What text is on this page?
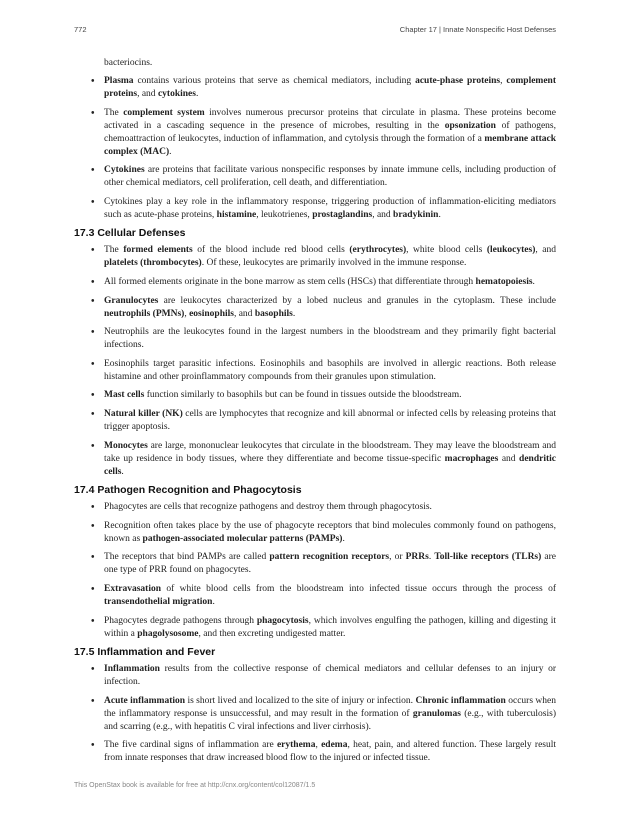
772	Chapter 17 | Innate Nonspecific Host Defenses
bacteriocins.
• Plasma contains various proteins that serve as chemical mediators, including acute-phase proteins, complement proteins, and cytokines.
• The complement system involves numerous precursor proteins that circulate in plasma. These proteins become activated in a cascading sequence in the presence of microbes, resulting in the opsonization of pathogens, chemoattraction of leukocytes, induction of inflammation, and cytolysis through the formation of a membrane attack complex (MAC).
• Cytokines are proteins that facilitate various nonspecific responses by innate immune cells, including production of other chemical mediators, cell proliferation, cell death, and differentiation.
• Cytokines play a key role in the inflammatory response, triggering production of inflammation-eliciting mediators such as acute-phase proteins, histamine, leukotrienes, prostaglandins, and bradykinin.
17.3 Cellular Defenses
• The formed elements of the blood include red blood cells (erythrocytes), white blood cells (leukocytes), and platelets (thrombocytes). Of these, leukocytes are primarily involved in the immune response.
• All formed elements originate in the bone marrow as stem cells (HSCs) that differentiate through hematopoiesis.
• Granulocytes are leukocytes characterized by a lobed nucleus and granules in the cytoplasm. These include neutrophils (PMNs), eosinophils, and basophils.
• Neutrophils are the leukocytes found in the largest numbers in the bloodstream and they primarily fight bacterial infections.
• Eosinophils target parasitic infections. Eosinophils and basophils are involved in allergic reactions. Both release histamine and other proinflammatory compounds from their granules upon stimulation.
• Mast cells function similarly to basophils but can be found in tissues outside the bloodstream.
• Natural killer (NK) cells are lymphocytes that recognize and kill abnormal or infected cells by releasing proteins that trigger apoptosis.
• Monocytes are large, mononuclear leukocytes that circulate in the bloodstream. They may leave the bloodstream and take up residence in body tissues, where they differentiate and become tissue-specific macrophages and dendritic cells.
17.4 Pathogen Recognition and Phagocytosis
• Phagocytes are cells that recognize pathogens and destroy them through phagocytosis.
• Recognition often takes place by the use of phagocyte receptors that bind molecules commonly found on pathogens, known as pathogen-associated molecular patterns (PAMPs).
• The receptors that bind PAMPs are called pattern recognition receptors, or PRRs. Toll-like receptors (TLRs) are one type of PRR found on phagocytes.
• Extravasation of white blood cells from the bloodstream into infected tissue occurs through the process of transendothelial migration.
• Phagocytes degrade pathogens through phagocytosis, which involves engulfing the pathogen, killing and digesting it within a phagolysosome, and then excreting undigested matter.
17.5 Inflammation and Fever
• Inflammation results from the collective response of chemical mediators and cellular defenses to an injury or infection.
• Acute inflammation is short lived and localized to the site of injury or infection. Chronic inflammation occurs when the inflammatory response is unsuccessful, and may result in the formation of granulomas (e.g., with tuberculosis) and scarring (e.g., with hepatitis C viral infections and liver cirrhosis).
• The five cardinal signs of inflammation are erythema, edema, heat, pain, and altered function. These largely result from innate responses that draw increased blood flow to the injured or infected tissue.
This OpenStax book is available for free at http://cnx.org/content/col12087/1.5
